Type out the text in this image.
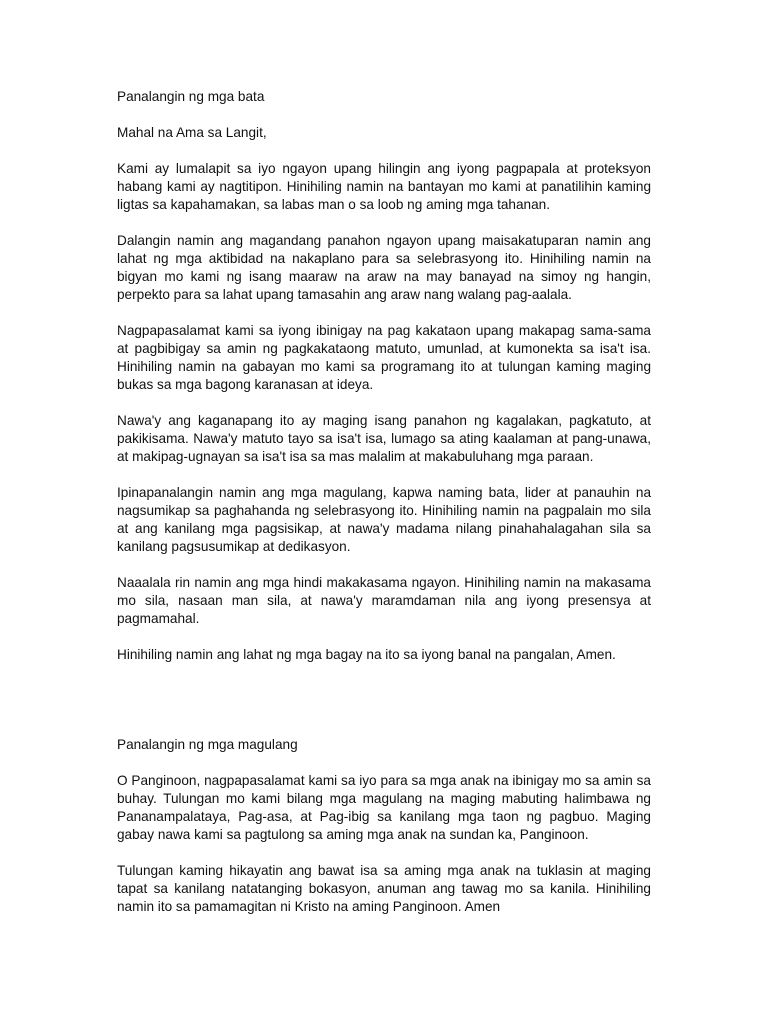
Panalangin ng mga bata

Mahal na Ama sa Langit,

Kami ay lumalapit sa iyo ngayon upang hilingin ang iyong pagpapala at proteksyon habang kami ay nagtitipon. Hinihiling namin na bantayan mo kami at panatilihin kaming ligtas sa kapahamakan, sa labas man o sa loob ng aming mga tahanan.

Dalangin namin ang magandang panahon ngayon upang maisakatuparan namin ang lahat ng mga aktibidad na nakaplano para sa selebrasyong ito. Hinihiling namin na bigyan mo kami ng isang maaraw na araw na may banayad na simoy ng hangin, perpekto para sa lahat upang tamasahin ang araw nang walang pag-aalala.

Nagpapasalamat kami sa iyong ibinigay na pag kakataon upang makapag sama-sama at pagbibigay sa amin ng pagkakataong matuto, umunlad, at kumonekta sa isa't isa. Hinihiling namin na gabayan mo kami sa programang ito at tulungan kaming maging bukas sa mga bagong karanasan at ideya.

Nawa'y ang kaganapang ito ay maging isang panahon ng kagalakan, pagkatuto, at pakikisama. Nawa'y matuto tayo sa isa't isa, lumago sa ating kaalaman at pang-unawa, at makipag-ugnayan sa isa't isa sa mas malalim at makabuluhang mga paraan.

Ipinapanalangin namin ang mga magulang, kapwa naming bata, lider at panauhin na nagsumikap sa paghahanda ng selebrasyong ito. Hinihiling namin na pagpalain mo sila at ang kanilang mga pagsisikap, at nawa'y madama nilang pinahahalagahan sila sa kanilang pagsusumikap at dedikasyon.

Naaalala rin namin ang mga hindi makakasama ngayon. Hinihiling namin na makasama mo sila, nasaan man sila, at nawa'y maramdaman nila ang iyong presensya at pagmamahal.

Hinihiling namin ang lahat ng mga bagay na ito sa iyong banal na pangalan, Amen.

Panalangin ng mga magulang

O Panginoon, nagpapasalamat kami sa iyo para sa mga anak na ibinigay mo sa amin sa buhay. Tulungan mo kami bilang mga magulang na maging mabuting halimbawa ng Pananampalataya, Pag-asa, at Pag-ibig sa kanilang mga taon ng pagbuo. Maging gabay nawa kami sa pagtulong sa aming mga anak na sundan ka, Panginoon.

Tulungan kaming hikayatin ang bawat isa sa aming mga anak na tuklasin at maging tapat sa kanilang natatanging bokasyon, anuman ang tawag mo sa kanila. Hinihiling namin ito sa pamamagitan ni Kristo na aming Panginoon. Amen
